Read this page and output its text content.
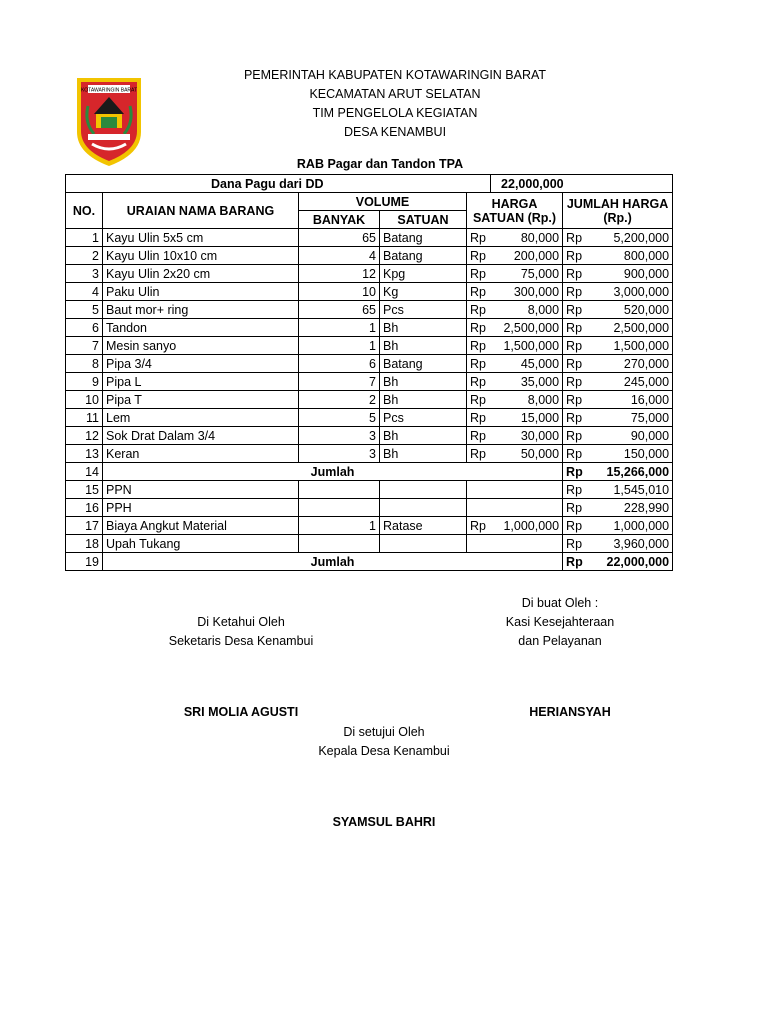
KOTAWARINGIN BARAT
PEMERINTAH KABUPATEN KOTAWARINGIN BARAT
KECAMATAN ARUT SELATAN
TIM PENGELOLA KEGIATAN
DESA KENAMBUI
RAB Pagar dan Tandon TPA
Dana Pagu dari DD					22,000,000	
NO.	URAIAN NAMA BARANG	VOLUME		HARGA SATUAN (Rp.)		JUMLAH HARGA (Rp.)
		BANYAK	SATUAN			
1	Kayu Ulin 5x5 cm	65	Batang	Rp 80,000		Rp 5,200,000

2	Kayu Ulin 10x10 cm	4	Batang	Rp 200,000		Rp 800,000

3	Kayu Ulin 2x20 cm	12	Kpg	Rp 75,000		Rp 900,000

4	Paku Ulin	10	Kg	Rp 300,000		Rp 3,000,000

5	Baut mor+ ring	65	Pcs	Rp 8,000		Rp 520,000

6	Tandon	1	Bh	Rp 2,500,000		Rp 2,500,000

7	Mesin sanyo	1	Bh	Rp 1,500,000		Rp 1,500,000

8	Pipa 3/4	6	Batang	Rp 45,000		Rp 270,000

9	Pipa L	7	Bh	Rp 35,000		Rp 245,000

10	Pipa T	2	Bh	Rp 8,000		Rp 16,000

11	Lem	5	Pcs	Rp 15,000		Rp 75,000

12	Sok Drat Dalam 3/4	3	Bh	Rp 30,000		Rp 90,000

13	Keran	3	Bh	Rp 50,000		Rp 150,000

14	Jumlah					Rp 15,266,000

15	PPN					Rp 1,545,010

16	PPH					Rp 228,990

17	Biaya Angkut Material	1	Ratase	Rp 1,000,000		Rp 1,000,000

18	Upah Tukang					Rp 3,960,000

19	Jumlah					Rp 22,000,000
Di buat Oleh :
Kasi Kesejahteraan
dan Pelayanan
Di Ketahui Oleh
Seketaris Desa Kenambui
SRI MOLIA AGUSTI	HERIANSYAH
Di setujui Oleh
Kepala Desa Kenambui
SYAMSUL BAHRI
